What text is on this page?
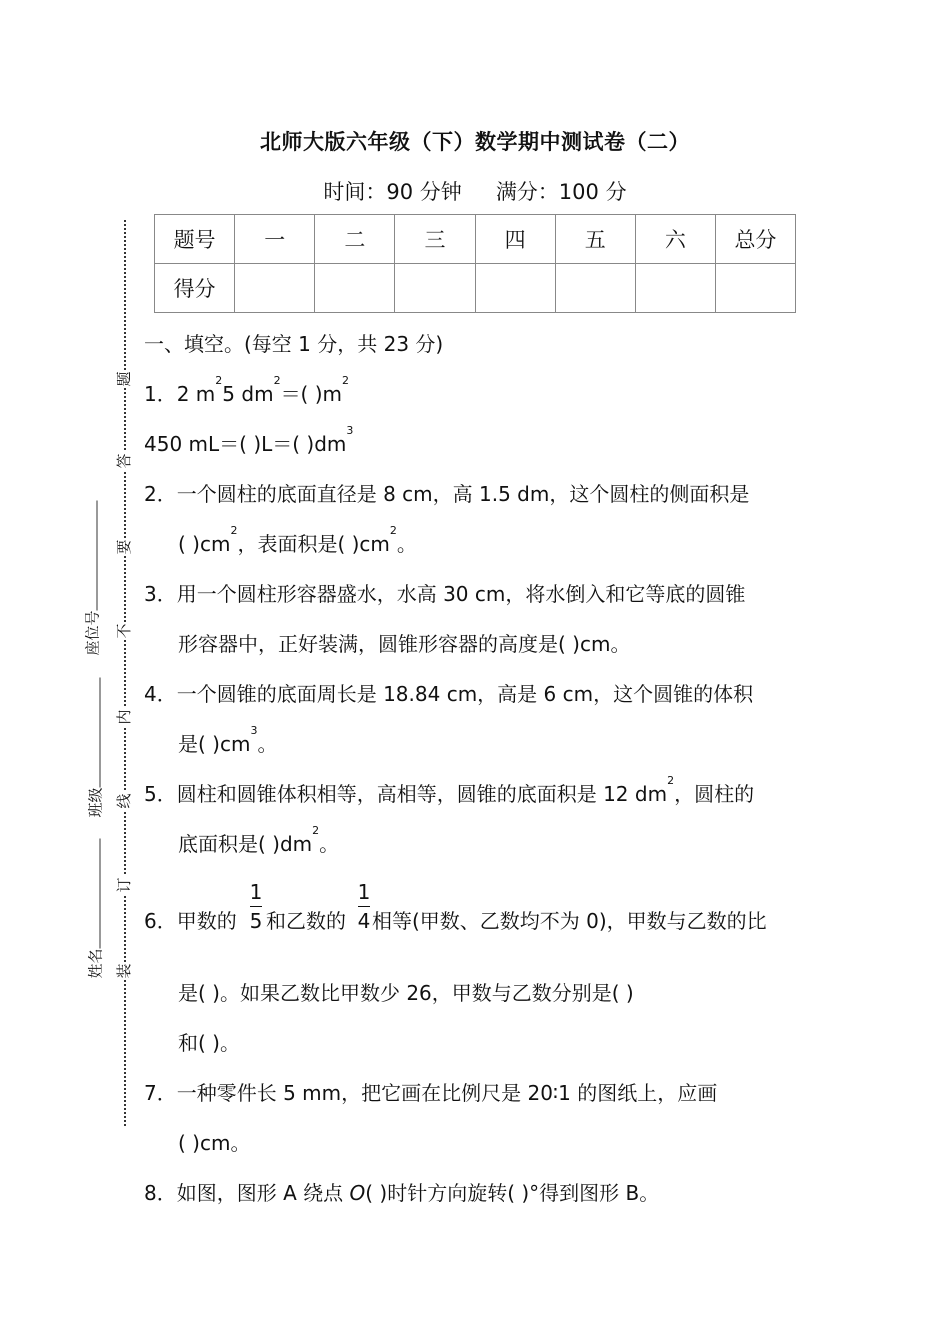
题
答
要
不
内
线
订
装
座位号
班级
姓名
北师大版六年级（下）数学期中测试卷（二）
时间：90 分钟 满分：100 分
题号	一	二	三	四	五	六	总分
得分							
一、填空。(每空 1 分，共 23 分)
1．2 $m^25$ $dm^2=$( )$m^2$
450 mL＝( )L＝( )$dm^3$
2．一个圆柱的底面直径是 8 cm，高 1.5 dm，这个圆柱的侧面积是
( )$cm^2$，表面积是( )$cm^2$。
3．用一个圆柱形容器盛水，水高 30 cm，将水倒入和它等底的圆锥
形容器中，正好装满，圆锥形容器的高度是( )cm。
4．一个圆锥的底面周长是 18.84 cm，高是 6 cm，这个圆锥的体积
是( )$cm^3$。
5．圆柱和圆锥体积相等，高相等，圆锥的底面积是 12 $dm^2$，圆柱的
底面积是( )$dm^2$。
6．甲数的
1
5 和乙数的
1
4 相等(甲数、乙数均不为 0)，甲数与乙数的比
是( )。如果乙数比甲数少 26，甲数与乙数分别是( )
和( )。
7．一种零件长 5 mm，把它画在比例尺是 20∶1 的图纸上，应画
( )cm。
8．如图，图形 A 绕点 O( )时针方向旋转( )°得到图形 B。
